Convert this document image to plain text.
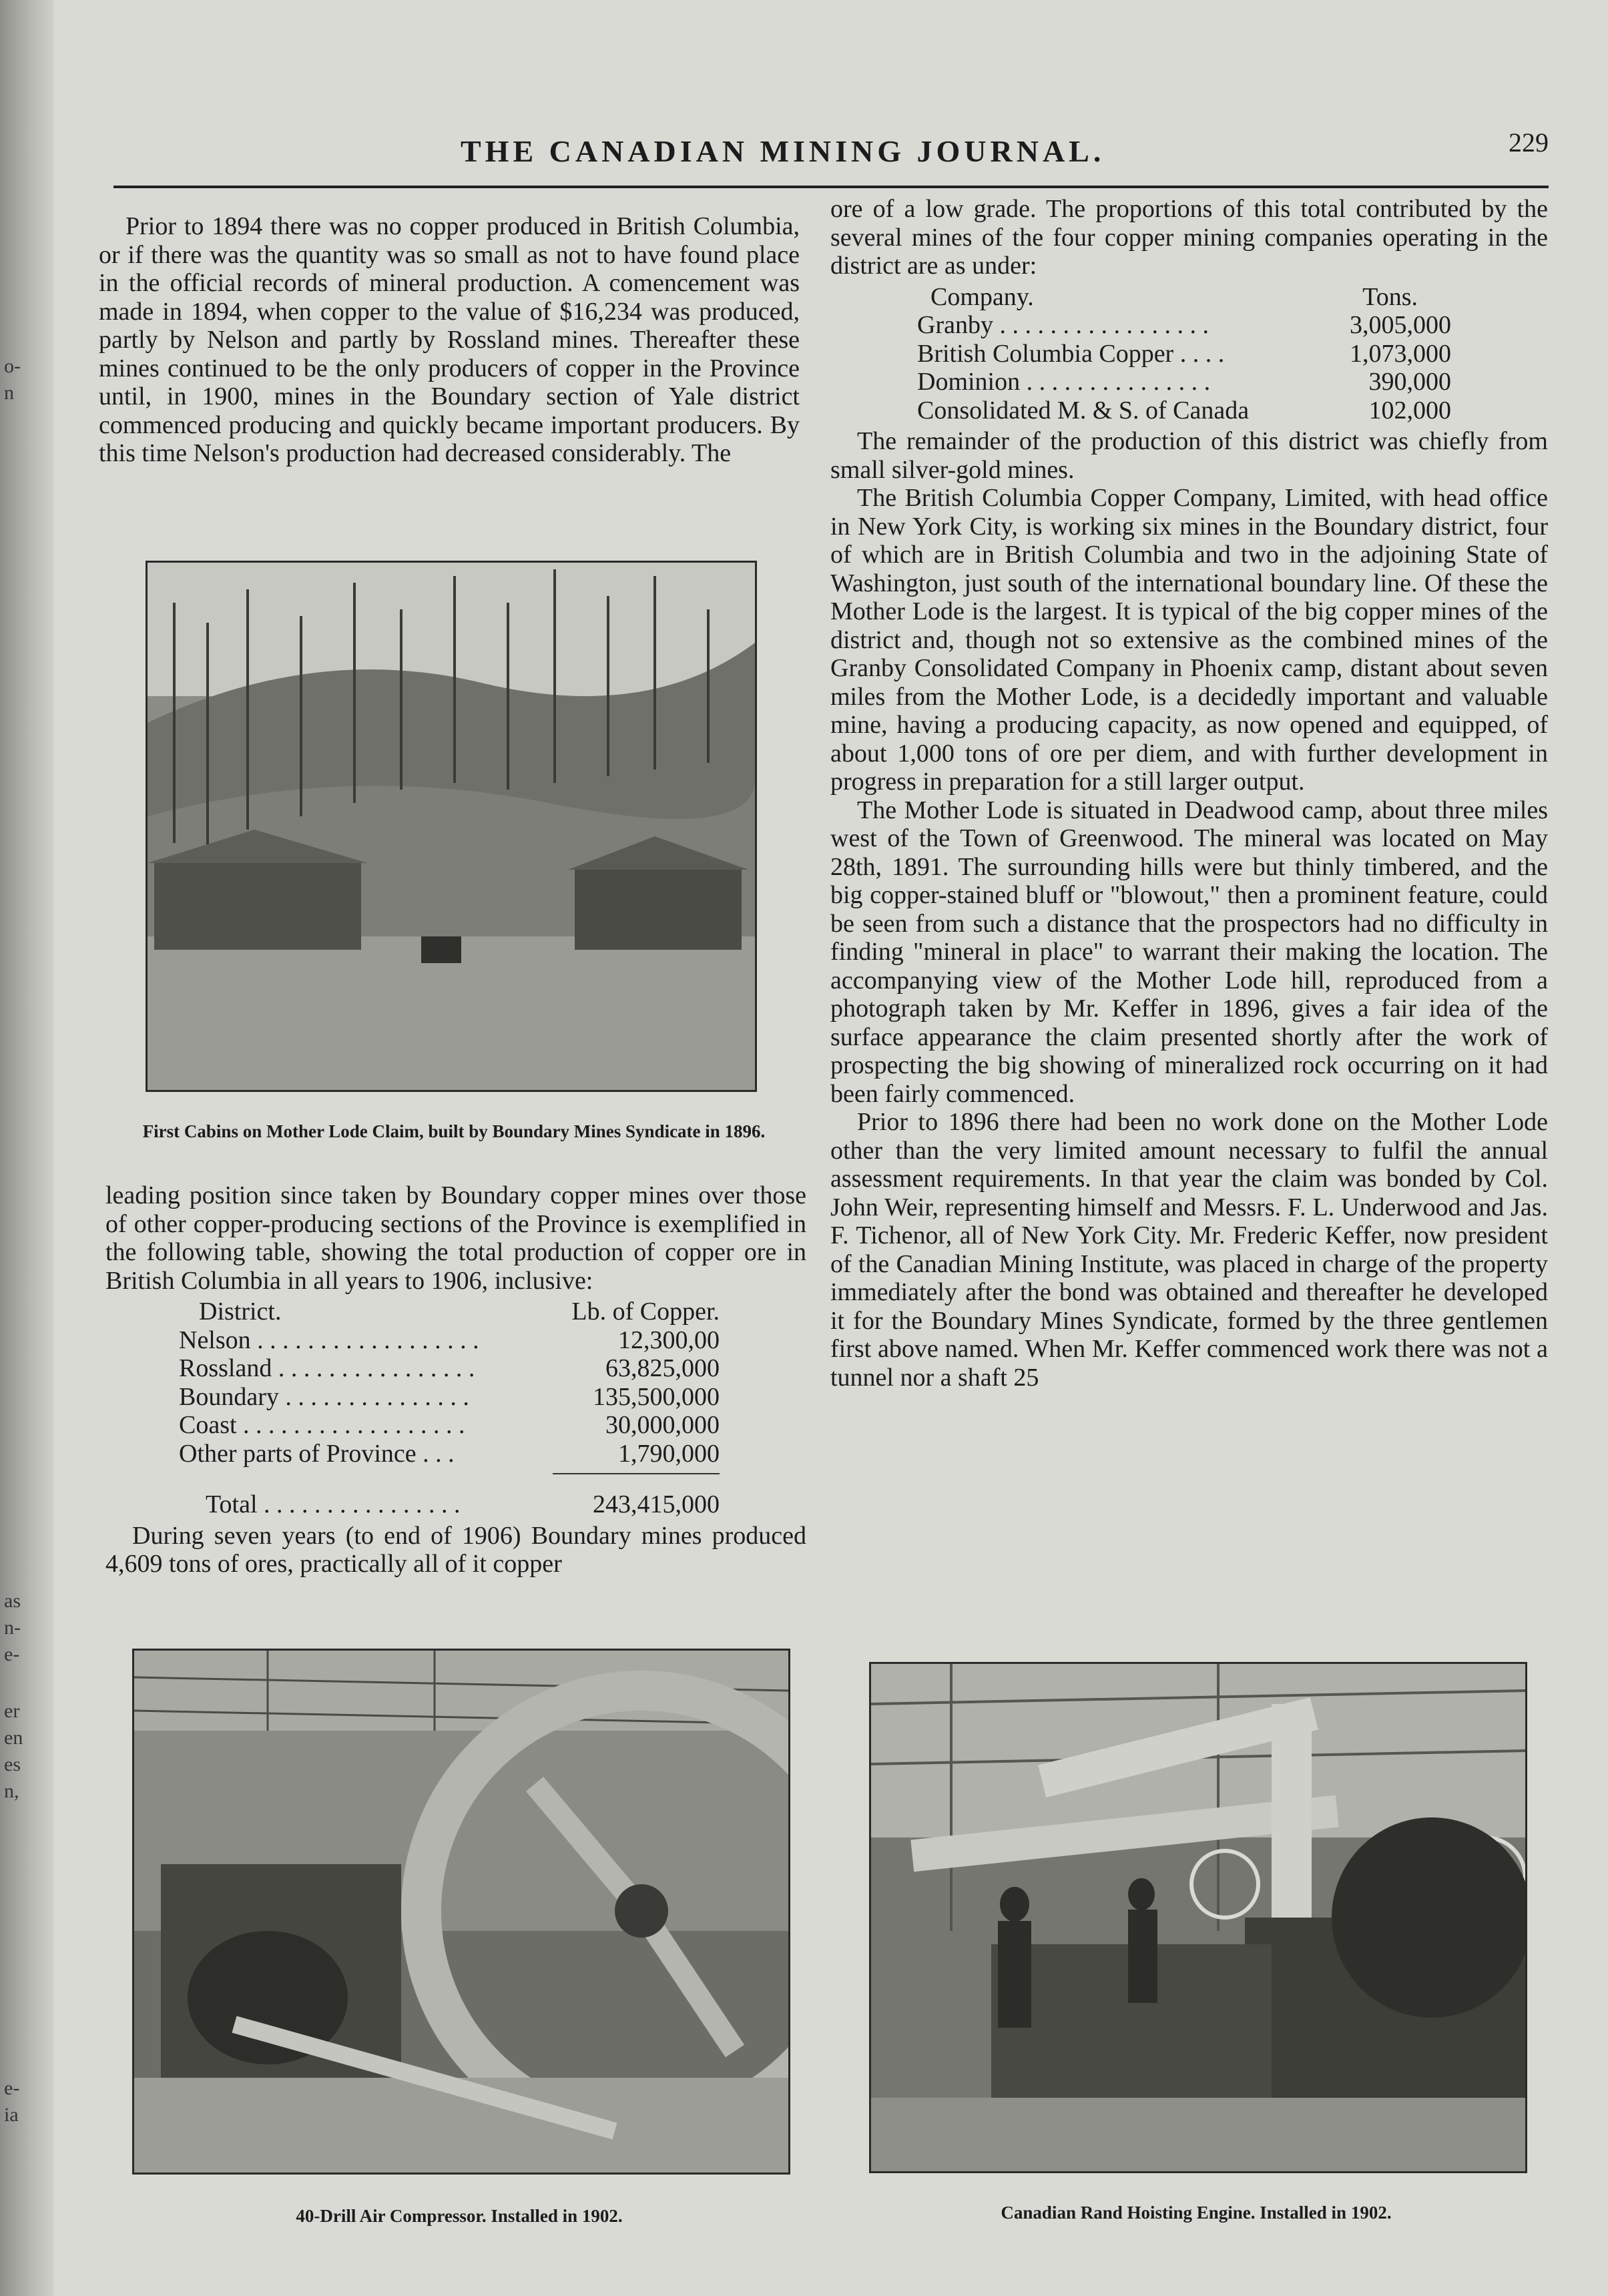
o-
n
as
n-
e-
er
en
es
n,
e-
ia
THE CANADIAN MINING JOURNAL.	229

Prior to 1894 there was no copper produced in British Columbia, or if there was the quantity was so small as not to have found place in the official records of mineral production. A comencement was made in 1894, when copper to the value of $16,234 was produced, partly by Nelson and partly by Rossland mines. Thereafter these mines continued to be the only producers of copper in the Province until, in 1900, mines in the Boundary section of Yale district commenced producing and quickly became important producers. By this time Nelson's production had decreased considerably. The

First Cabins on Mother Lode Claim, built by Boundary Mines Syndicate in 1896.

leading position since taken by Boundary copper mines over those of other copper-producing sections of the Province is exemplified in the following table, showing the total production of copper ore in British Columbia in all years to 1906, inclusive:

District.	Lb. of Copper.
Nelson . . . . . . . . . . . . . . . . . .	12,300,00
Rossland . . . . . . . . . . . . . . . .	63,825,000
Boundary . . . . . . . . . . . . . . .	135,500,000
Coast . . . . . . . . . . . . . . . . . .	30,000,000
Other parts of Province . . .	1,790,000
Total . . . . . . . . . . . . . . . .	243,415,000

During seven years (to end of 1906) Boundary mines produced 4,609 tons of ores, practically all of it copper

ore of a low grade. The proportions of this total contributed by the several mines of the four copper mining companies operating in the district are as under:

Company.	Tons.
Granby . . . . . . . . . . . . . . . . .	3,005,000
British Columbia Copper . . . .	1,073,000
Dominion . . . . . . . . . . . . . . .	390,000
Consolidated M. & S. of Canada	102,000

The remainder of the production of this district was chiefly from small silver-gold mines.

The British Columbia Copper Company, Limited, with head office in New York City, is working six mines in the Boundary district, four of which are in British Columbia and two in the adjoining State of Washington, just south of the international boundary line. Of these the Mother Lode is the largest. It is typical of the big copper mines of the district and, though not so extensive as the combined mines of the Granby Consolidated Company in Phoenix camp, distant about seven miles from the Mother Lode, is a decidedly important and valuable mine, having a producing capacity, as now opened and equipped, of about 1,000 tons of ore per diem, and with further development in progress in preparation for a still larger output.

The Mother Lode is situated in Deadwood camp, about three miles west of the Town of Greenwood. The mineral was located on May 28th, 1891. The surrounding hills were but thinly timbered, and the big copper-stained bluff or "blowout," then a prominent feature, could be seen from such a distance that the prospectors had no difficulty in finding "mineral in place" to warrant their making the location. The accompanying view of the Mother Lode hill, reproduced from a photograph taken by Mr. Keffer in 1896, gives a fair idea of the surface appearance the claim presented shortly after the work of prospecting the big showing of mineralized rock occurring on it had been fairly commenced.

Prior to 1896 there had been no work done on the Mother Lode other than the very limited amount necessary to fulfil the annual assessment requirements. In that year the claim was bonded by Col. John Weir, representing himself and Messrs. F. L. Underwood and Jas. F. Tichenor, all of New York City. Mr. Frederic Keffer, now president of the Canadian Mining Institute, was placed in charge of the property immediately after the bond was obtained and thereafter he developed it for the Boundary Mines Syndicate, formed by the three gentlemen first above named. When Mr. Keffer commenced work there was not a tunnel nor a shaft 25

40-Drill Air Compressor. Installed in 1902.	Canadian Rand Hoisting Engine. Installed in 1902.
